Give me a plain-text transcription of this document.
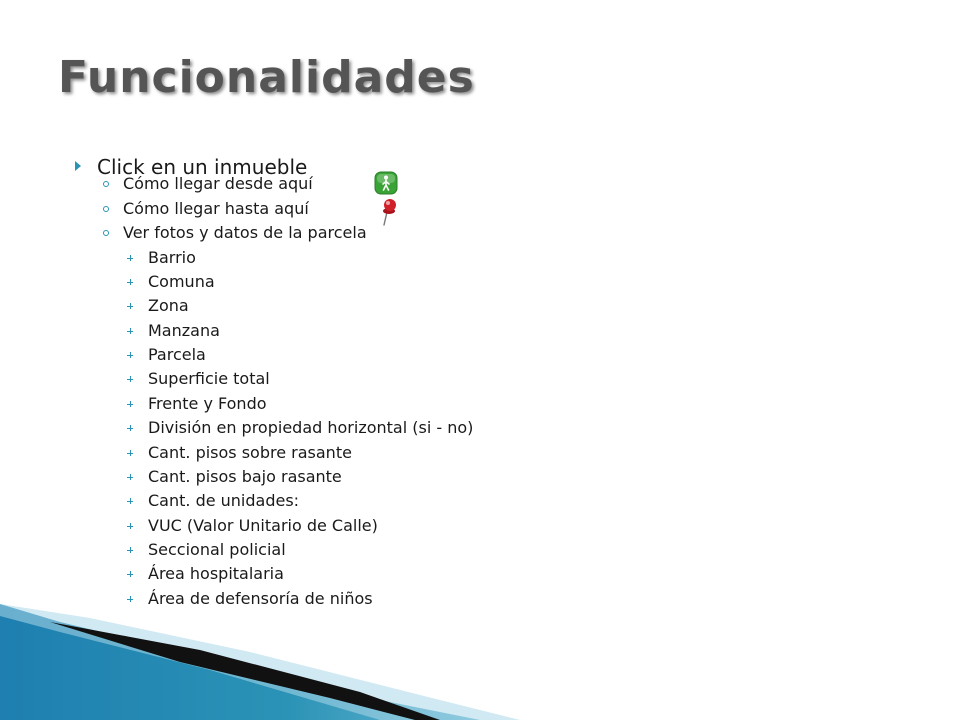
Funcionalidades
Click en un inmueble
Cómo llegar desde aquí
Cómo llegar hasta aquí
Ver fotos y datos de la parcela
Barrio
Comuna
Zona
Manzana
Parcela
Superficie total
Frente y Fondo
División en propiedad horizontal (si - no)
Cant. pisos sobre rasante
Cant. pisos bajo rasante
Cant. de unidades:
VUC (Valor Unitario de Calle)
Seccional policial
Área hospitalaria
Área de defensoría de niños
